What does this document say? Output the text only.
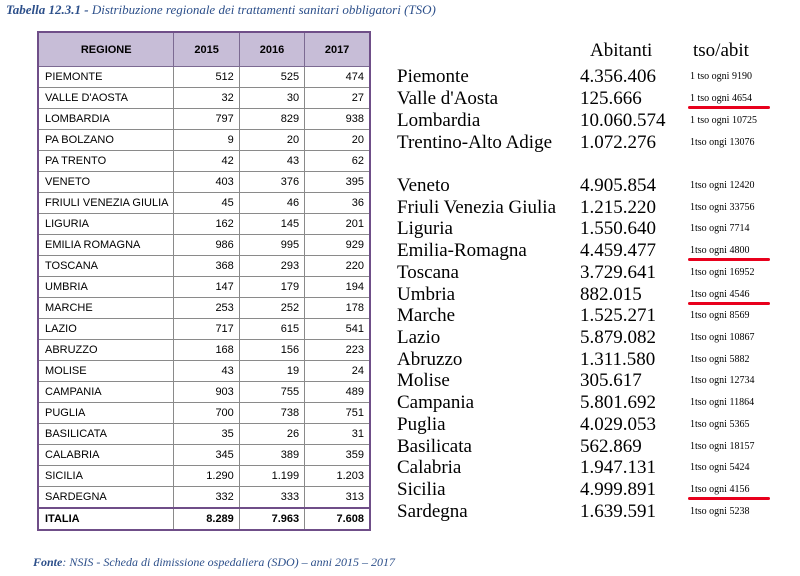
Tabella 12.3.1 - Distribuzione regionale dei trattamenti sanitari obbligatori (TSO)
REGIONE	2015	2016	2017
PIEMONTE	512	525	474
VALLE D'AOSTA	32	30	27
LOMBARDIA	797	829	938
PA BOLZANO	9	20	20
PA TRENTO	42	43	62
VENETO	403	376	395
FRIULI VENEZIA GIULIA	45	46	36
LIGURIA	162	145	201
EMILIA ROMAGNA	986	995	929
TOSCANA	368	293	220
UMBRIA	147	179	194
MARCHE	253	252	178
LAZIO	717	615	541
ABRUZZO	168	156	223
MOLISE	43	19	24
CAMPANIA	903	755	489
PUGLIA	700	738	751
BASILICATA	35	26	31
CALABRIA	345	389	359
SICILIA	1.290	1.199	1.203
SARDEGNA	332	333	313
ITALIA	8.289	7.963	7.608
Abitanti tso/abit
Piemonte	4.356.406	1 tso ogni 9190
Valle d'Aosta	125.666	1 tso ogni 4654
Lombardia	10.060.574 1 tso ogni 10725
Trentino-Alto Adige 1.072.276	1tso ongi 13076
Veneto	4.905.854	1tso ogni 12420
Friuli Venezia Giulia 1.215.220	1tso ogni 33756
Liguria	1.550.640	1tso ogni 7714
Emilia-Romagna	4.459.477	1tso ogni 4800
Toscana	3.729.641	1tso ogni 16952
Umbria	882.015	1tso ogni 4546
Marche	1.525.271	1tso ogni 8569
Lazio	5.879.082	1tso ogni 10867
Abruzzo	1.311.580	1tso ogni 5882
Molise	305.617	1tso ogni 12734
Campania	5.801.692	1tso ogni 11864
Puglia	4.029.053	1tso ogni 5365
Basilicata	562.869	1tso ogni 18157
Calabria	1.947.131	1tso ogni 5424
Sicilia	4.999.891	1tso ogni 4156
Sardegna	1.639.591	1tso ogni 5238
Fonte: NSIS - Scheda di dimissione ospedaliera (SDO) – anni 2015 – 2017
